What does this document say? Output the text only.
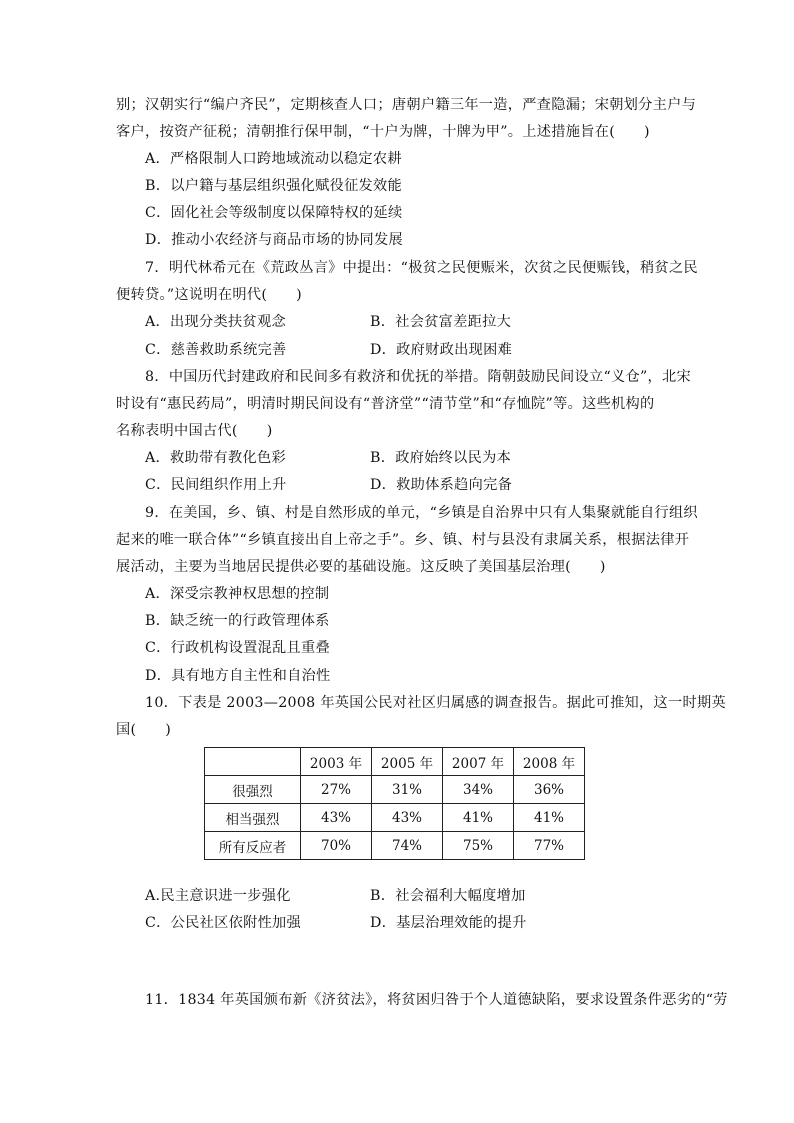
别；汉朝实行“编户齐民”，定期核查人口；唐朝户籍三年一造，严查隐漏；宋朝划分主户与
客户，按资产征税；清朝推行保甲制，“十户为牌，十牌为甲”。上述措施旨在(　　)
A．严格限制人口跨地域流动以稳定农耕
B．以户籍与基层组织强化赋役征发效能
C．固化社会等级制度以保障特权的延续
D．推动小农经济与商品市场的协同发展
7．明代林希元在《荒政丛言》中提出：“极贫之民便赈米，次贫之民便赈钱，稍贫之民
便转贷。”这说明在明代(　　)
A．出现分类扶贫观念	B．社会贫富差距拉大
C．慈善救助系统完善	D．政府财政出现困难
8．中国历代封建政府和民间多有救济和优抚的举措。隋朝鼓励民间设立“义仓”，北宋
时设有“惠民药局”，明清时期民间设有“普济堂”“清节堂”和“存恤院”等。这些机构的
名称表明中国古代(　　)
A．救助带有教化色彩	B．政府始终以民为本
C．民间组织作用上升	D．救助体系趋向完备
9．在美国，乡、镇、村是自然形成的单元，“乡镇是自治界中只有人集聚就能自行组织
起来的唯一联合体”“乡镇直接出自上帝之手”。乡、镇、村与县没有隶属关系，根据法律开
展活动，主要为当地居民提供必要的基础设施。这反映了美国基层治理(　　)
A．深受宗教神权思想的控制
B．缺乏统一的行政管理体系
C．行政机构设置混乱且重叠
D．具有地方自主性和自治性
10．下表是 2003—2008 年英国公民对社区归属感的调查报告。据此可推知，这一时期英
国(　　)
	2003 年	2005 年	2007 年	2008 年
很强烈	27%	31%	34%	36%
相当强烈	43%	43%	41%	41%
所有反应者	70%	74%	75%	77%
A.民主意识进一步强化	B．社会福利大幅度增加
C．公民社区依附性加强	D．基层治理效能的提升
11．1834 年英国颁布新《济贫法》，将贫困归咎于个人道德缺陷，要求设置条件恶劣的“劳
